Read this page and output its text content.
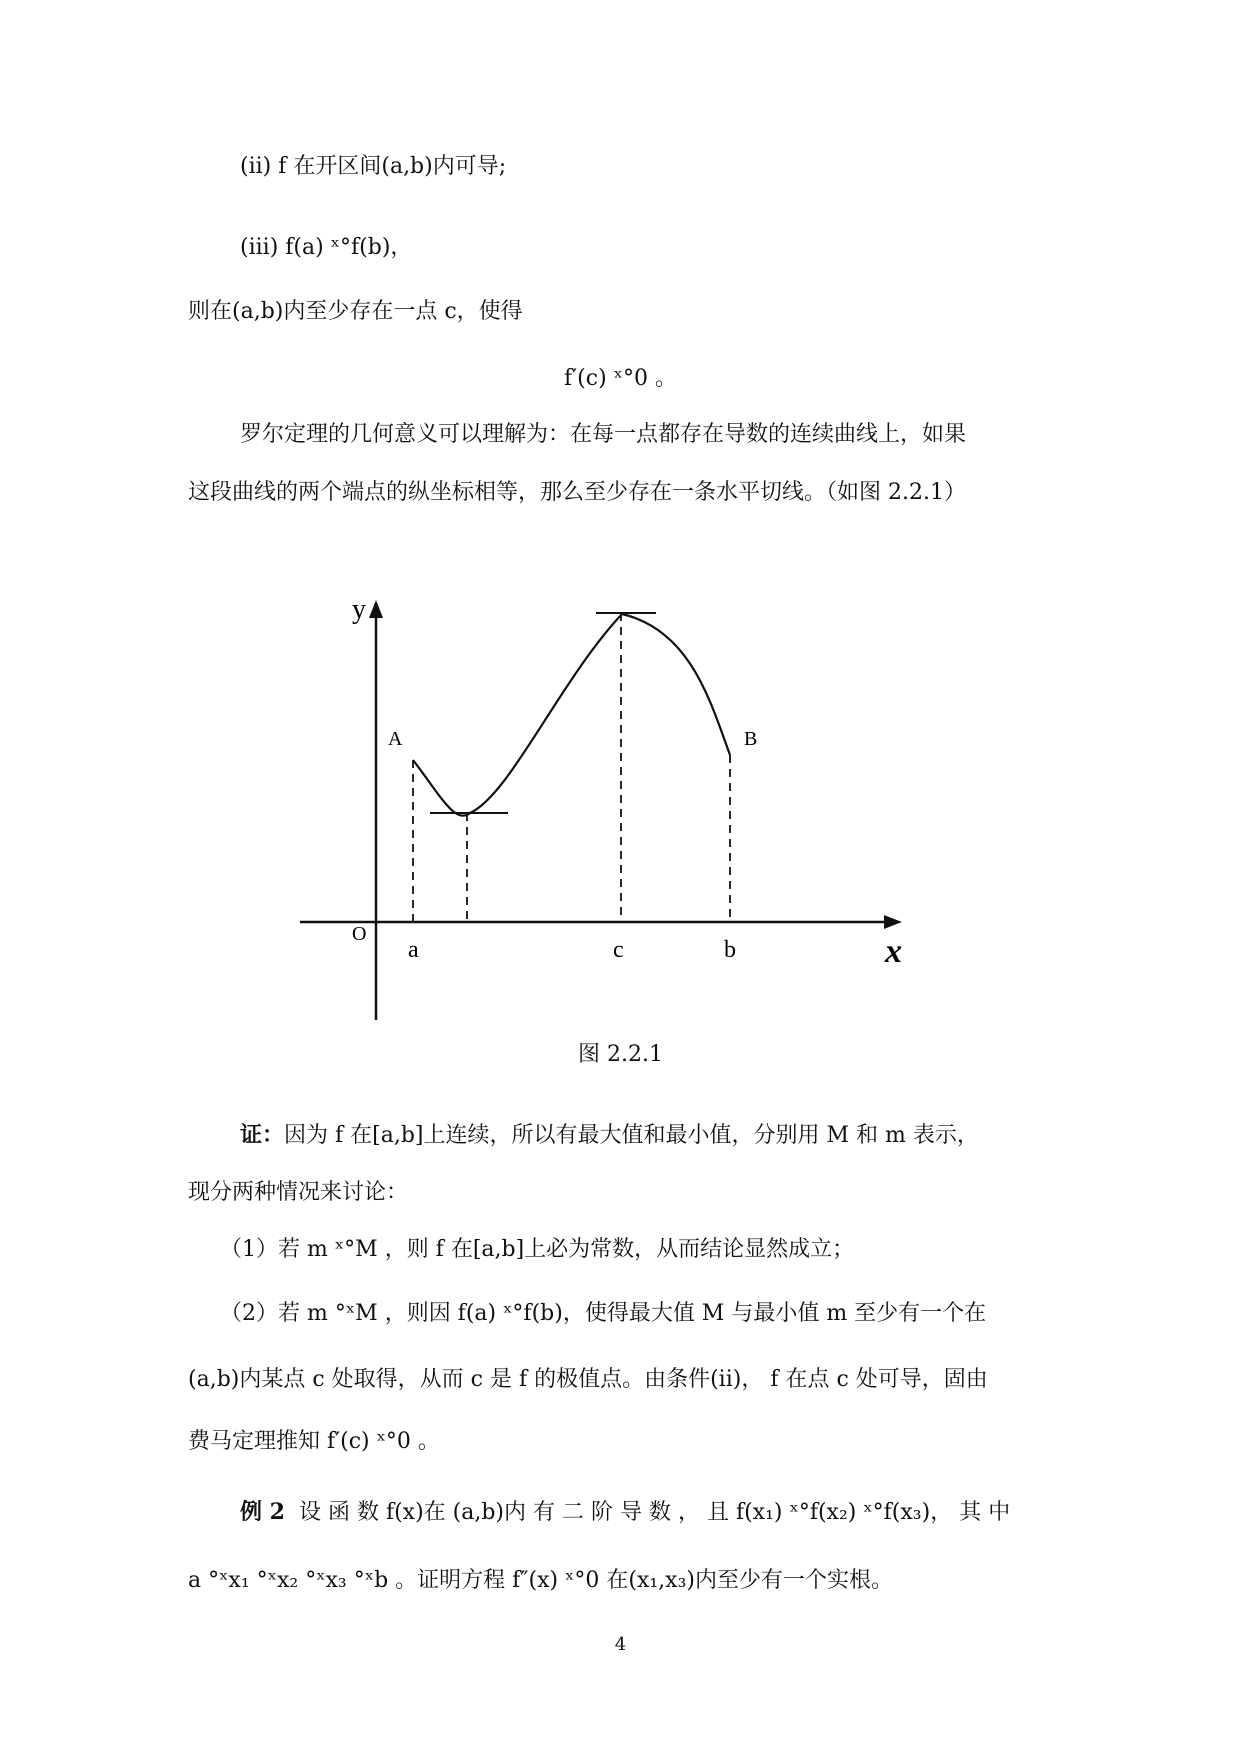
(ii) f 在开区间(a,b)内可导;
(iii) f(a) ˣ°f(b)，
则在(a,b)内至少存在一点 c，使得
f′(c) ˣ°0 。
罗尔定理的几何意义可以理解为：在每一点都存在导数的连续曲线上，如果
这段曲线的两个端点的纵坐标相等，那么至少存在一条水平切线。（如图 2.2.1）
y
x
O
a	c	b
A	B
图 2.2.1
证：因为 f 在[a,b]上连续，所以有最大值和最小值，分别用 M 和 m 表示，
现分两种情况来讨论：
（1）若 m ˣ°M ，则 f 在[a,b]上必为常数，从而结论显然成立；
（2）若 m °ˣM ，则因 f(a) ˣ°f(b)，使得最大值 M 与最小值 m 至少有一个在
(a,b)内某点 c 处取得，从而 c 是 f 的极值点。由条件(ii)， f 在点 c 处可导，固由
费马定理推知 f′(c) ˣ°0 。
例 2 设 函 数 f(x)在 (a,b)内 有 二 阶 导 数 ， 且 f(x₁) ˣ°f(x₂) ˣ°f(x₃)， 其 中
a °ˣx₁ °ˣx₂ °ˣx₃ °ˣb 。证明方程 f″(x) ˣ°0 在(x₁,x₃)内至少有一个实根。
4
